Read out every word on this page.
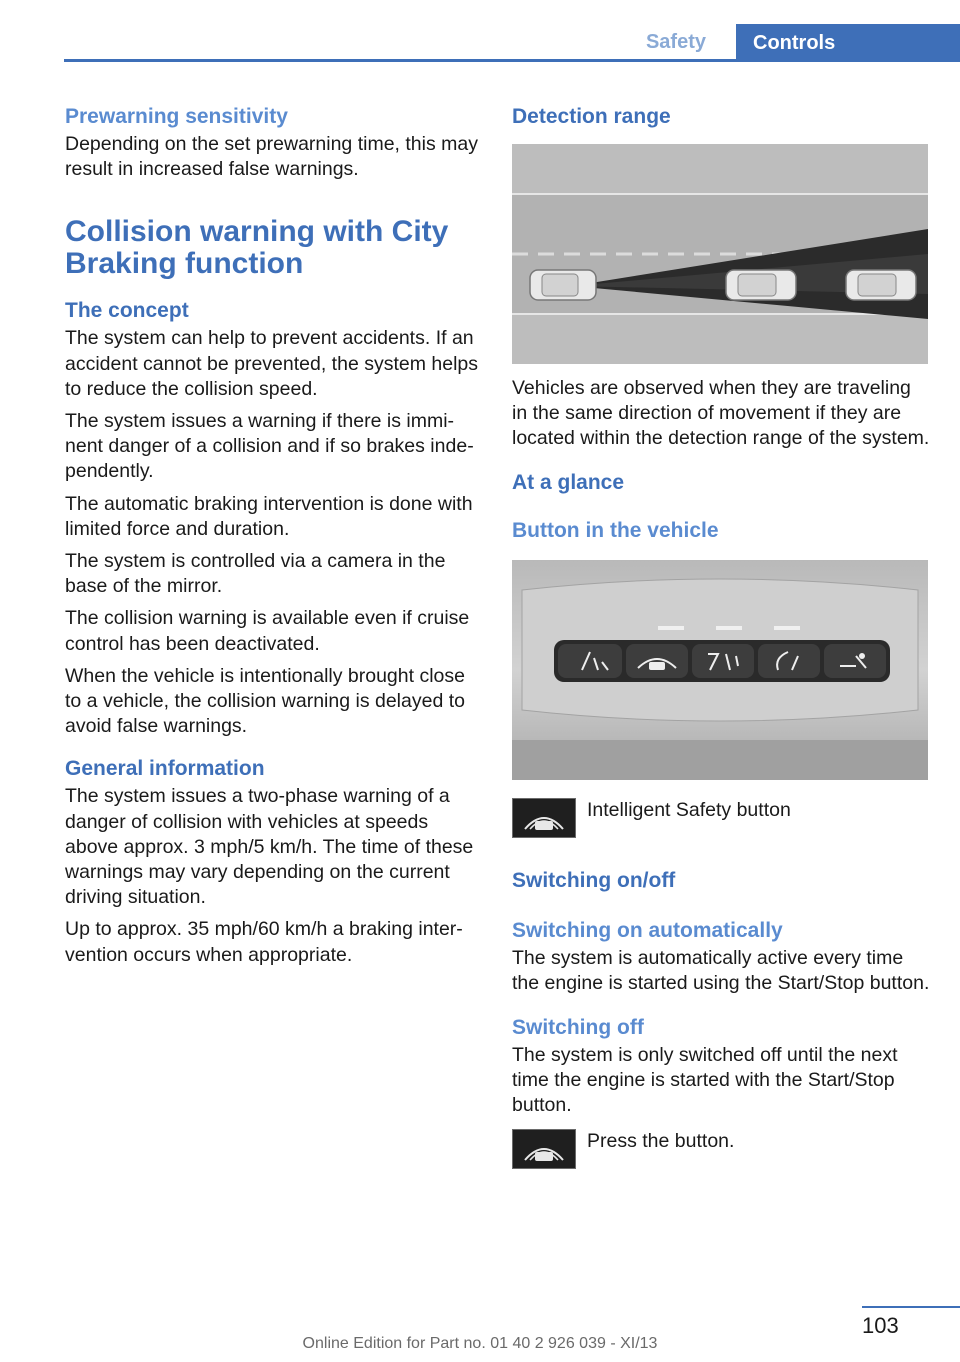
Safety	Controls
Prewarning sensitivity

Depending on the set prewarning time, this may result in increased false warnings.

Collision warning with City
Braking function
The concept

The system can help to prevent accidents. If an accident cannot be prevented, the system helps to reduce the collision speed.

The system issues a warning if there is imminent danger of a collision and if so brakes independently.

The automatic braking intervention is done with limited force and duration.

The system is controlled via a camera in the base of the mirror.

The collision warning is available even if cruise control has been deactivated.

When the vehicle is intentionally brought close to a vehicle, the collision warning is delayed to avoid false warnings.

General information

The system issues a two-phase warning of a danger of collision with vehicles at speeds above approx. 3 mph/5 km/h. The time of these warnings may vary depending on the current driving situation.

Up to approx. 35 mph/60 km/h a braking intervention occurs when appropriate.

Detection range

Vehicles are observed when they are traveling in the same direction of movement if they are located within the detection range of the system.

At a glance
Button in the vehicle
Intelligent Safety button
Switching on/off
Switching on automatically

The system is automatically active every time the engine is started using the Start/Stop button.

Switching off

The system is only switched off until the next time the engine is started with the Start/Stop button.

Press the button.
103
Online Edition for Part no. 01 40 2 926 039 - XI/13
